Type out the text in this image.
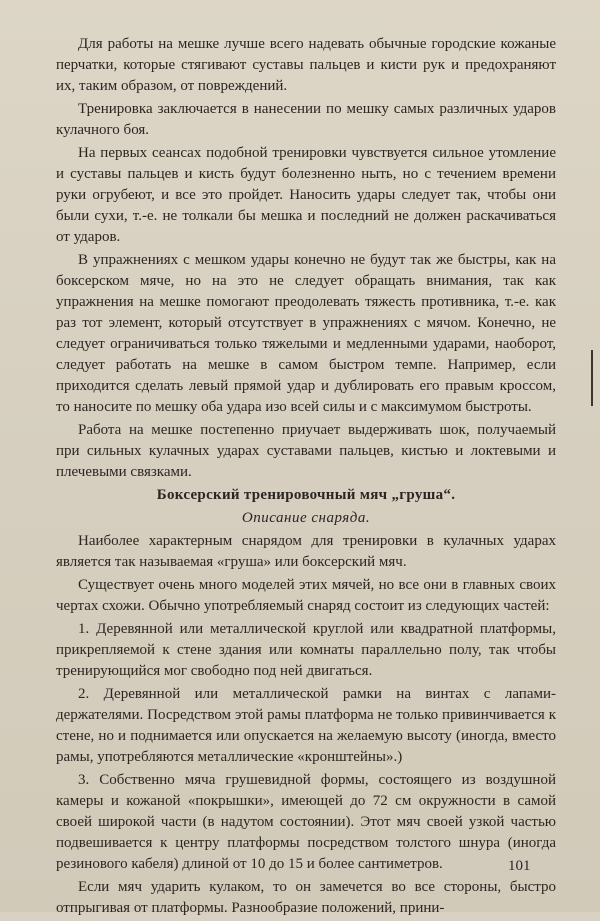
Для работы на мешке лучше всего надевать обычные городские кожаные перчатки, которые стягивают суставы пальцев и кисти рук и предохраняют их, таким образом, от повреждений.

Тренировка заключается в нанесении по мешку самых различных ударов кулачного боя.

На первых сеансах подобной тренировки чувствуется сильное утомление и суставы пальцев и кисть будут болезненно ныть, но с течением времени руки огрубеют, и все это пройдет. Наносить удары следует так, чтобы они были сухи, т.-е. не толкали бы мешка и последний не должен раскачиваться от ударов.

В упражнениях с мешком удары конечно не будут так же быстры, как на боксерском мяче, но на это не следует обращать внимания, так как упражнения на мешке помогают преодолевать тяжесть противника, т.-е. как раз тот элемент, который отсутствует в упражнениях с мячом. Конечно, не следует ограничиваться только тяжелыми и медленными ударами, наоборот, следует работать на мешке в самом быстром темпе. Например, если приходится сделать левый прямой удар и дублировать его правым кроссом, то наносите по мешку оба удара изо всей силы и с максимумом быстроты.

Работа на мешке постепенно приучает выдерживать шок, получаемый при сильных кулачных ударах суставами пальцев, кистью и локтевыми и плечевыми связками.

Боксерский тренировочный мяч „груша“.

Описание снаряда.

Наиболее характерным снарядом для тренировки в кулачных ударах является так называемая «груша» или боксерский мяч.

Существует очень много моделей этих мячей, но все они в главных своих чертах схожи. Обычно употребляемый снаряд состоит из следующих частей:

1. Деревянной или металлической круглой или квадратной платформы, прикрепляемой к стене здания или комнаты параллельно полу, так чтобы тренирующийся мог свободно под ней двигаться.

2. Деревянной или металлической рамки на винтах с лапами-держателями. Посредством этой рамы платформа не только привинчивается к стене, но и поднимается или опускается на желаемую высоту (иногда, вместо рамы, употребляются металлические «кронштейны».)

3. Собственно мяча грушевидной формы, состоящего из воздушной камеры и кожаной «покрышки», имеющей до 72 см окружности в самой своей широкой части (в надутом состоянии). Этот мяч своей узкой частью подвешивается к центру платформы посредством толстого шнура (иногда резинового кабеля) длиной от 10 до 15 и более сантиметров.

Если мяч ударить кулаком, то он замечется во все стороны, быстро отпрыгивая от платформы. Разнообразие положений, прини-

101
